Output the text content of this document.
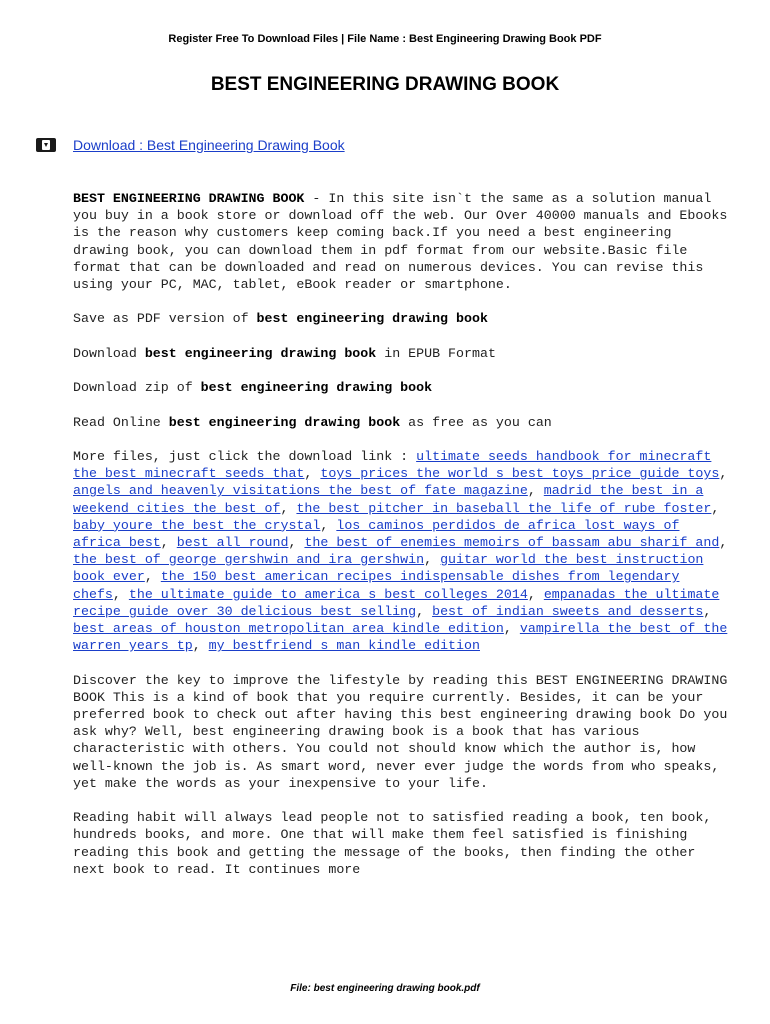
Register Free To Download Files | File Name : Best Engineering Drawing Book PDF
BEST ENGINEERING DRAWING BOOK
Download : Best Engineering Drawing Book

BEST ENGINEERING DRAWING BOOK - In this site isn`t the same as a solution manual you buy in a book store or download off the web. Our Over 40000 manuals and Ebooks is the reason why customers keep coming back.If you need a best engineering drawing book, you can download them in pdf format from our website.Basic file format that can be downloaded and read on numerous devices. You can revise this using your PC, MAC, tablet, eBook reader or smartphone.

Save as PDF version of best engineering drawing book

Download best engineering drawing book in EPUB Format

Download zip of best engineering drawing book

Read Online best engineering drawing book as free as you can

More files, just click the download link : ultimate seeds handbook for minecraft the best minecraft seeds that, toys prices the world s best toys price guide toys, angels and heavenly visitations the best of fate magazine, madrid the best in a weekend cities the best of, the best pitcher in baseball the life of rube foster, baby youre the best the crystal, los caminos perdidos de africa lost ways of africa best, best all round, the best of enemies memoirs of bassam abu sharif and, the best of george gershwin and ira gershwin, guitar world the best instruction book ever, the 150 best american recipes indispensable dishes from legendary chefs, the ultimate guide to america s best colleges 2014, empanadas the ultimate recipe guide over 30 delicious best selling, best of indian sweets and desserts, best areas of houston metropolitan area kindle edition, vampirella the best of the warren years tp, my bestfriend s man kindle edition

Discover the key to improve the lifestyle by reading this BEST ENGINEERING DRAWING BOOK This is a kind of book that you require currently. Besides, it can be your preferred book to check out after having this best engineering drawing book Do you ask why? Well, best engineering drawing book is a book that has various characteristic with others. You could not should know which the author is, how well-known the job is. As smart word, never ever judge the words from who speaks, yet make the words as your inexpensive to your life.

Reading habit will always lead people not to satisfied reading a book, ten book, hundreds books, and more. One that will make them feel satisfied is finishing reading this book and getting the message of the books, then finding the other next book to read. It continues more

File: best engineering drawing book.pdf
